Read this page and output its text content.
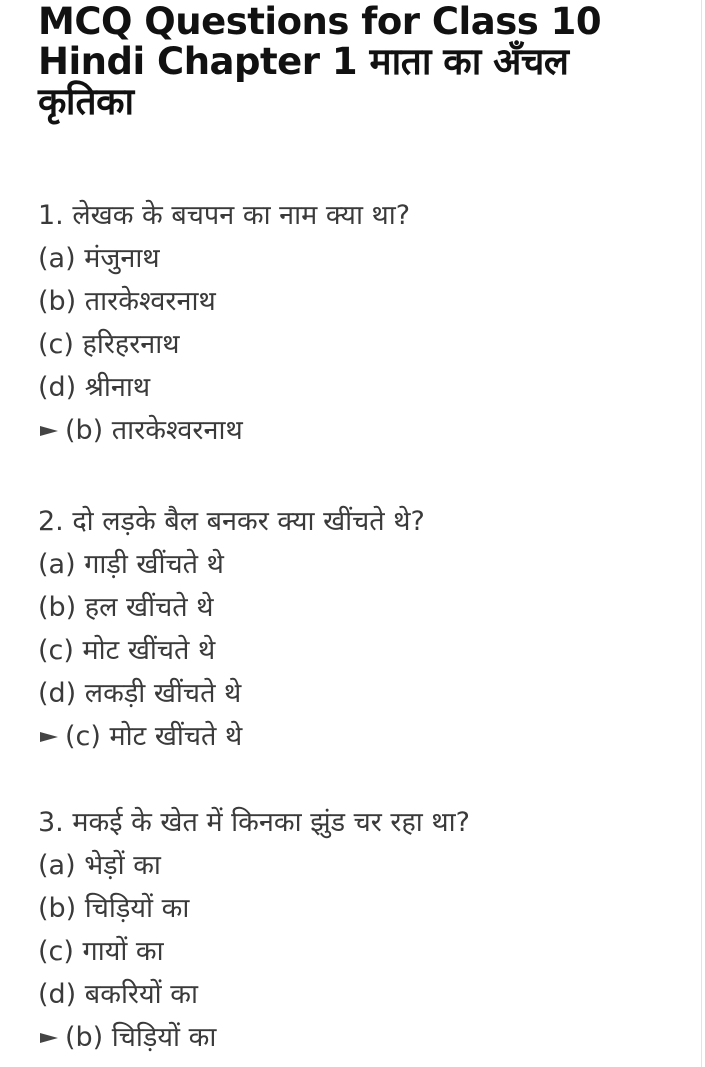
MCQ Questions for Class 10
Hindi Chapter 1 माता का अँचल
कृतिका
1. लेखक के बचपन का नाम क्या था?
(a) मंजुनाथ
(b) तारकेश्वरनाथ
(c) हरिहरनाथ
(d) श्रीनाथ
(b) तारकेश्वरनाथ
2. दो लड़के बैल बनकर क्या खींचते थे?
(a) गाड़ी खींचते थे
(b) हल खींचते थे
(c) मोट खींचते थे
(d) लकड़ी खींचते थे
(c) मोट खींचते थे
3. मकई के खेत में किनका झुंड चर रहा था?
(a) भेड़ों का
(b) चिड़ियों का
(c) गायों का
(d) बकरियों का
(b) चिड़ियों का
